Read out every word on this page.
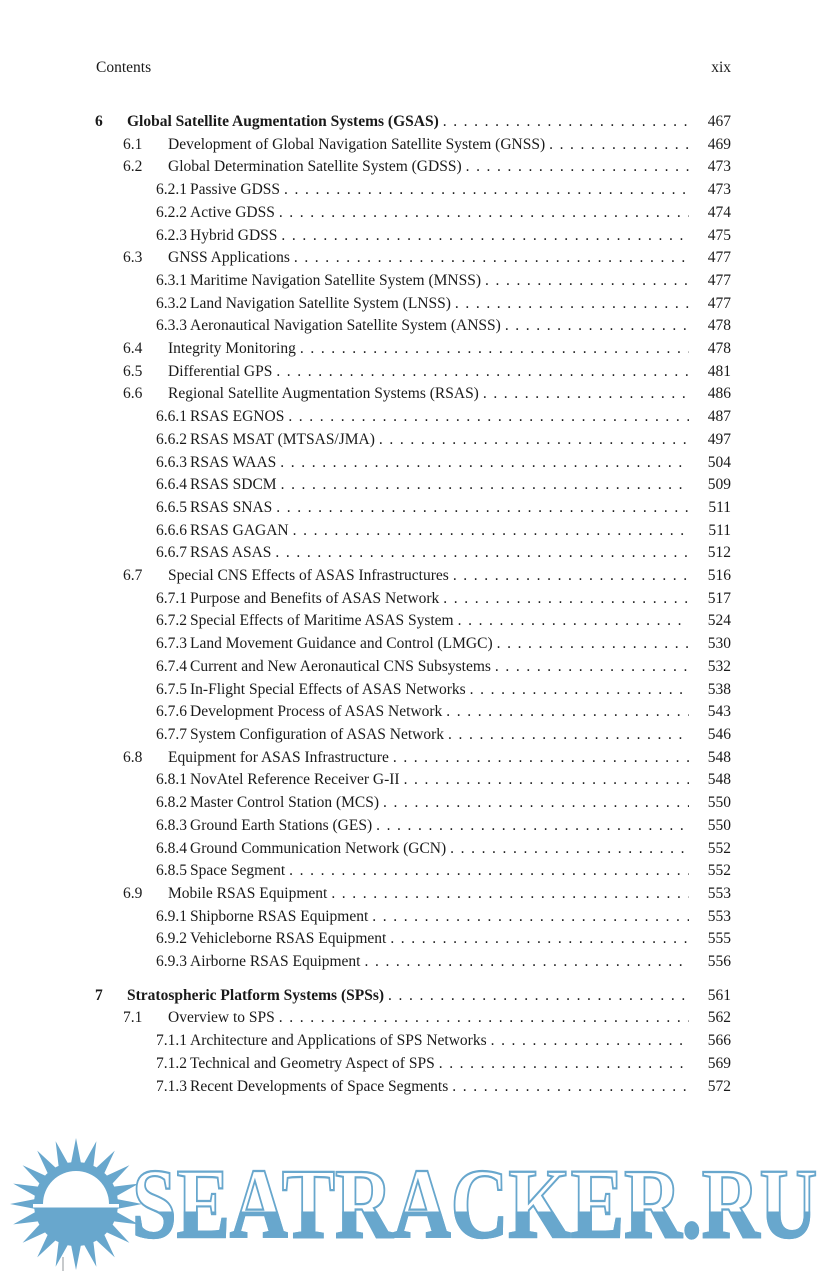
Contents	xix
6	Global Satellite Augmentation Systems (GSAS) .....	467
6.1	Development of Global Navigation Satellite System (GNSS) .....	469
6.2	Global Determination Satellite System (GDSS) .....	473
6.2.1 Passive GDSS .....	473
6.2.2 Active GDSS .....	474
6.2.3 Hybrid GDSS .....	475
6.3	GNSS Applications .....	477
6.3.1 Maritime Navigation Satellite System (MNSS) .....	477
6.3.2 Land Navigation Satellite System (LNSS) .....	477
6.3.3 Aeronautical Navigation Satellite System (ANSS) .....	478
6.4	Integrity Monitoring .....	478
6.5	Differential GPS .....	481
6.6	Regional Satellite Augmentation Systems (RSAS) .....	486
6.6.1 RSAS EGNOS .....	487
6.6.2 RSAS MSAT (MTSAS/JMA) .....	497
6.6.3 RSAS WAAS .....	504
6.6.4 RSAS SDCM .....	509
6.6.5 RSAS SNAS .....	511
6.6.6 RSAS GAGAN .....	511
6.6.7 RSAS ASAS .....	512
6.7	Special CNS Effects of ASAS Infrastructures .....	516
6.7.1 Purpose and Benefits of ASAS Network .....	517
6.7.2 Special Effects of Maritime ASAS System .....	524
6.7.3 Land Movement Guidance and Control (LMGC) .....	530
6.7.4 Current and New Aeronautical CNS Subsystems .....	532
6.7.5 In-Flight Special Effects of ASAS Networks .....	538
6.7.6 Development Process of ASAS Network .....	543
6.7.7 System Configuration of ASAS Network .....	546
6.8	Equipment for ASAS Infrastructure .....	548
6.8.1 NovAtel Reference Receiver G-II .....	548
6.8.2 Master Control Station (MCS) .....	550
6.8.3 Ground Earth Stations (GES) .....	550
6.8.4 Ground Communication Network (GCN) .....	552
6.8.5 Space Segment .....	552
6.9	Mobile RSAS Equipment .....	553
6.9.1 Shipborne RSAS Equipment .....	553
6.9.2 Vehicleborne RSAS Equipment .....	555
6.9.3 Airborne RSAS Equipment .....	556
7	Stratospheric Platform Systems (SPSs) .....	561
7.1	Overview to SPS .....	562
7.1.1 Architecture and Applications of SPS Networks .....	566
7.1.2 Technical and Geometry Aspect of SPS .....	569
7.1.3 Recent Developments of Space Segments .....	572
SEATRACKER.RU
